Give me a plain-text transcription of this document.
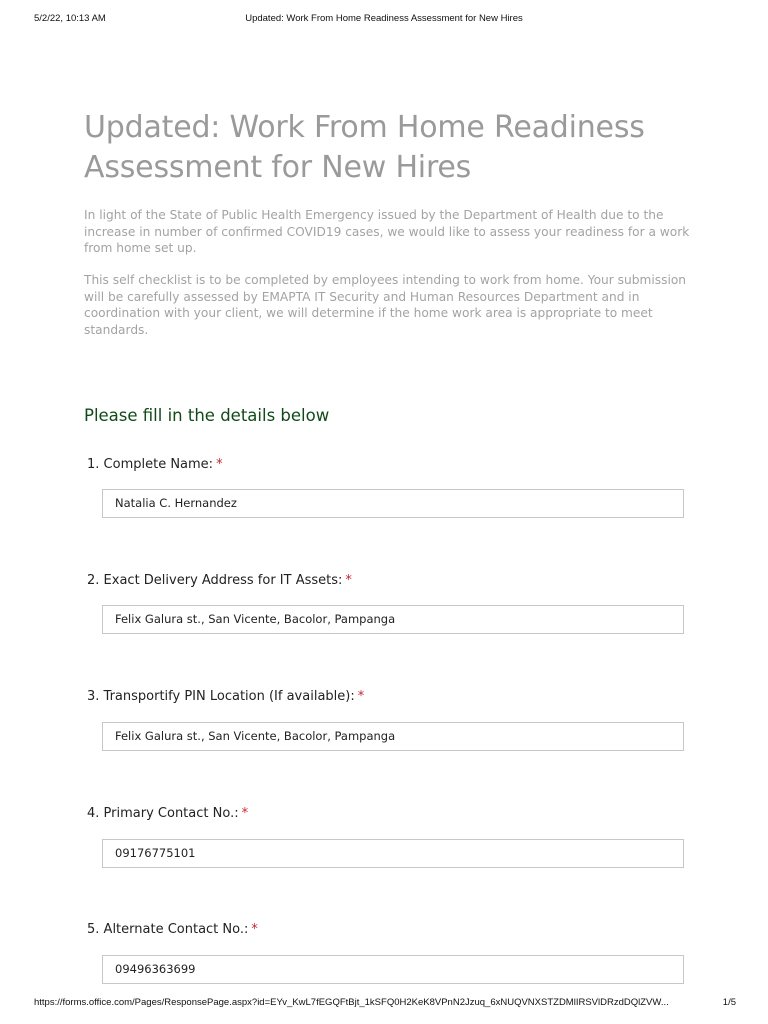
5/2/22, 10:13 AM	Updated: Work From Home Readiness Assessment for New Hires
Updated: Work From Home Readiness Assessment for New Hires

In light of the State of Public Health Emergency issued by the Department of Health due to the increase in number of confirmed COVID19 cases, we would like to assess your readiness for a work from home set up.

This self checklist is to be completed by employees intending to work from home. Your submission will be carefully assessed by EMAPTA IT Security and Human Resources Department and in coordination with your client, we will determine if the home work area is appropriate to meet standards.

Please fill in the details below
1. Complete Name: *
Natalia C. Hernandez
2. Exact Delivery Address for IT Assets: *
Felix Galura st., San Vicente, Bacolor, Pampanga
3. Transportify PIN Location (If available): *
Felix Galura st., San Vicente, Bacolor, Pampanga
4. Primary Contact No.: *
09176775101
5. Alternate Contact No.: *
09496363699
https://forms.office.com/Pages/ResponsePage.aspx?id=EYv_KwL7fEGQFtBjt_1kSFQ0H2KeK8VPnN2Jzuq_6xNUQVNXSTZDMlIRSVlDRzdDQlZVW...	1/5
